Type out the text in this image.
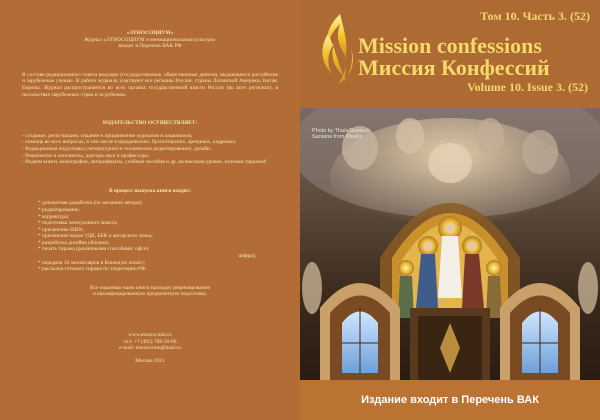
«ЭТНОСОЦИУМ»

Журнал «ЭТНОСОЦИУМ и межнациональная культура»

входит в Перечень ВАК РФ

В составе редакционного совета ведущие (государственные, общественные деятели, выдающиеся российские и зарубежные ученые. В работе журнала участвуют все регионы России, страны Латинской Америки, Китая, Европы. Журнал распространяется во всех органах государственной власти России (во всех регионах), в посольствах зарубежных стран и за рубежом.

ИЗДАТЕЛЬСТВО ОСУЩЕСТВЛЯЕТ:

- создание, регистрацию, издание и продвижение журналов и альманахов;

- помощь во всех вопросах, в том числе в юридических, бухгалтерских, арендных, кадровых;

- Редакционная подготовка (литературное и техническое редактирование), дизайн.

- Рецензенты и оппоненты, доктора наук и профессора.

- Издаем книги, монографии, авторефераты, учебные пособия и др. на высоком уровне, нужным тиражом!

В процесс выпуска книги входит:

* доначатная доработка (по желанию автора);

* редактирование;

* корректура;

* подготовка электронного макета;

* присвоение ISBN;

* присвоение кодов УДК, ББК и авторского знака;

* разработка дизайна обложки;

* печать тиража (различными способами: офсет,

цифра);

* передача 16 экземпляров в Книжную палату;

* рассылка готового тиража по территории РФ.

Все изданные нами книги проходит рецензирование

и квалифицированную предпечатную подготовку.

www.etnosocium.ru

тел: +7 (495) 708-30-00

e-mail: etnosocium@mail.ru

Москва 2021

Том 10. Часть 3. (52)
Mission confessions
Миссия Конфессий
Volume 10. Issue 3. (52)
Photo by Thaís/Gustavo Santana from Pexels
Издание входит в Перечень ВАК
